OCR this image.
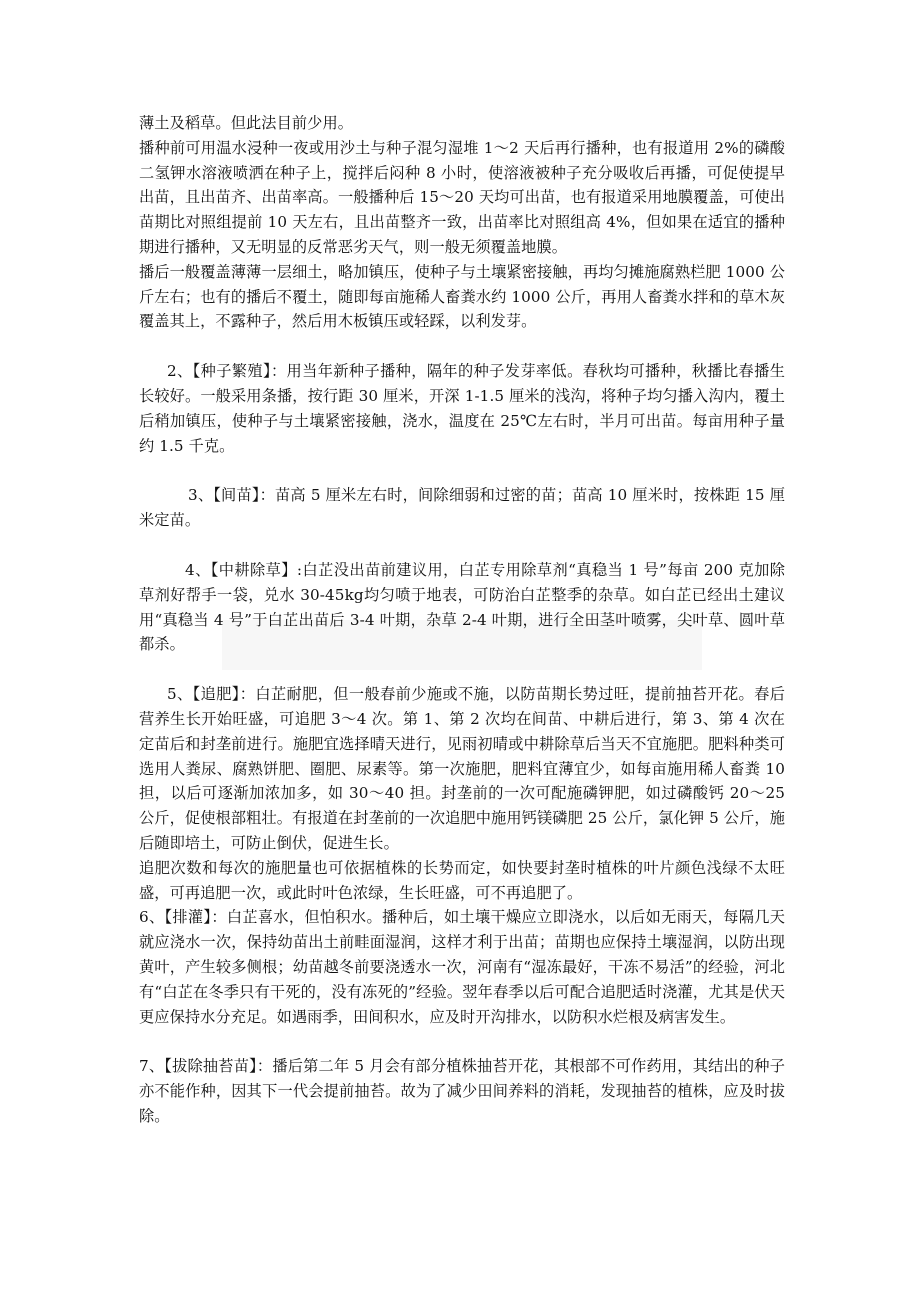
薄土及稻草。但此法目前少用。

播种前可用温水浸种一夜或用沙土与种子混匀湿堆 1～2 天后再行播种，也有报道用 2%的磷酸二氢钾水溶液喷洒在种子上，搅拌后闷种 8 小时，使溶液被种子充分吸收后再播，可促使提早出苗，且出苗齐、出苗率高。一般播种后 15～20 天均可出苗，也有报道采用地膜覆盖，可使出苗期比对照组提前 10 天左右，且出苗整齐一致，出苗率比对照组高 4%，但如果在适宜的播种期进行播种，又无明显的反常恶劣天气，则一般无须覆盖地膜。

播后一般覆盖薄薄一层细土，略加镇压，使种子与土壤紧密接触，再均匀摊施腐熟栏肥 1000 公斤左右；也有的播后不覆土，随即每亩施稀人畜粪水约 1000 公斤，再用人畜粪水拌和的草木灰覆盖其上，不露种子，然后用木板镇压或轻踩，以利发芽。

2、【种子繁殖】：用当年新种子播种，隔年的种子发芽率低。春秋均可播种，秋播比春播生长较好。一般采用条播，按行距 30 厘米，开深 1-1.5 厘米的浅沟，将种子均匀播入沟内，覆土后稍加镇压，使种子与土壤紧密接触，浇水，温度在 25℃左右时，半月可出苗。每亩用种子量约 1.5 千克。

3、【间苗】：苗高 5 厘米左右时，间除细弱和过密的苗；苗高 10 厘米时，按株距 15 厘米定苗。

4、【中耕除草】:白芷没出苗前建议用，白芷专用除草剂“真稳当 1 号”每亩 200 克加除草剂好帮手一袋，兑水 30-45kg均匀喷于地表，可防治白芷整季的杂草。如白芷已经出土建议用“真稳当 4 号”于白芷出苗后 3-4 叶期，杂草 2-4 叶期，进行全田茎叶喷雾，尖叶草、圆叶草都杀。

5、【追肥】：白芷耐肥，但一般春前少施或不施，以防苗期长势过旺，提前抽苔开花。春后营养生长开始旺盛，可追肥 3～4 次。第 1、第 2 次均在间苗、中耕后进行，第 3、第 4 次在定苗后和封垄前进行。施肥宜选择晴天进行，见雨初晴或中耕除草后当天不宜施肥。肥料种类可选用人粪尿、腐熟饼肥、圈肥、尿素等。第一次施肥，肥料宜薄宜少，如每亩施用稀人畜粪 10 担，以后可逐渐加浓加多，如 30～40 担。封垄前的一次可配施磷钾肥，如过磷酸钙 20～25 公斤，促使根部粗壮。有报道在封垄前的一次追肥中施用钙镁磷肥 25 公斤，氯化钾 5 公斤，施后随即培土，可防止倒伏，促进生长。

追肥次数和每次的施肥量也可依据植株的长势而定，如快要封垄时植株的叶片颜色浅绿不太旺盛，可再追肥一次，或此时叶色浓绿，生长旺盛，可不再追肥了。

6、【排灌】：白芷喜水，但怕积水。播种后，如土壤干燥应立即浇水，以后如无雨天，每隔几天就应浇水一次，保持幼苗出土前畦面湿润，这样才利于出苗；苗期也应保持土壤湿润，以防出现黄叶，产生较多侧根；幼苗越冬前要浇透水一次，河南有“湿冻最好，干冻不易活”的经验，河北有“白芷在冬季只有干死的，没有冻死的”经验。翌年春季以后可配合追肥适时浇灌，尤其是伏天更应保持水分充足。如遇雨季，田间积水，应及时开沟排水，以防积水烂根及病害发生。

7、【拔除抽苔苗】：播后第二年 5 月会有部分植株抽苔开花，其根部不可作药用，其结出的种子亦不能作种，因其下一代会提前抽苔。故为了减少田间养料的消耗，发现抽苔的植株，应及时拔除。
